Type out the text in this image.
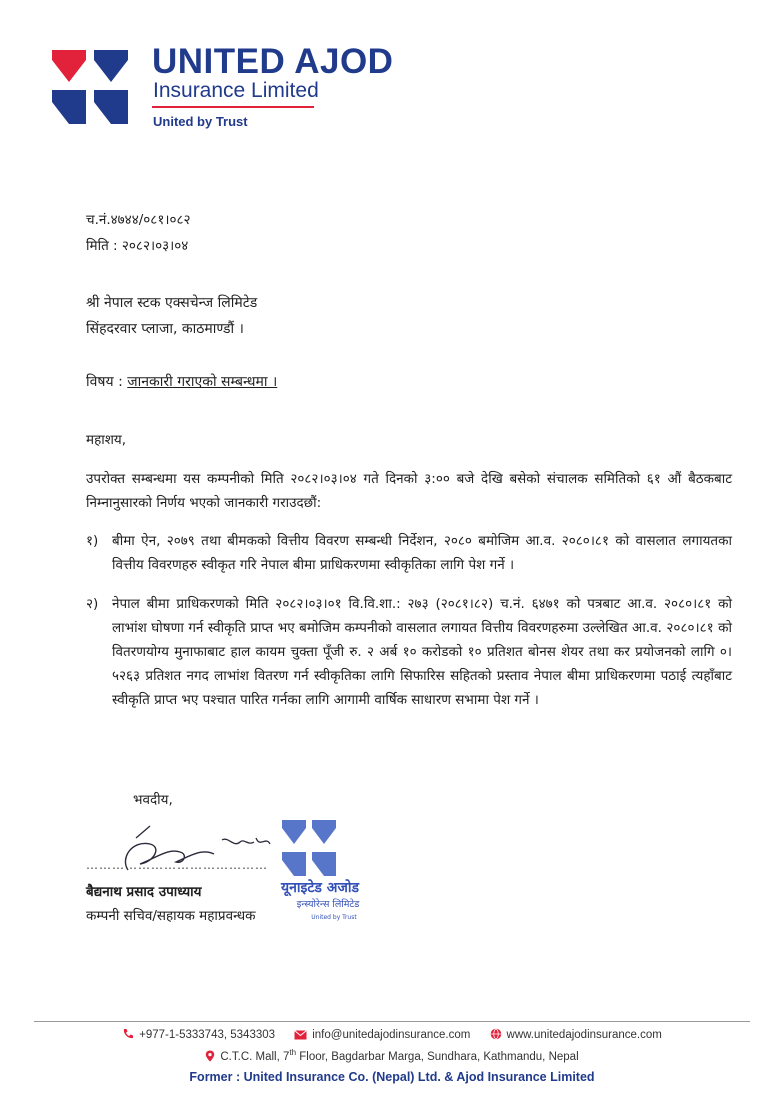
UNITED AJOD
Insurance Limited
United by Trust
च.नं.४७४४/०८१।०८२
मिति : २०८२।०३।०४
श्री नेपाल स्टक एक्सचेन्ज लिमिटेड
सिंहदरवार प्लाजा, काठमाण्डौं ।
विषय : जानकारी गराएको सम्बन्धमा ।
महाशय,
उपरोक्त सम्बन्धमा यस कम्पनीको मिति २०८२।०३।०४ गते दिनको ३:०० बजे देखि बसेको संचालक समितिको ६१ औं बैठकबाट निम्नानुसारको निर्णय भएको जानकारी गराउदछौं:
१)	बीमा ऐन, २०७९ तथा बीमकको वित्तीय विवरण सम्बन्धी निर्देशन, २०८० बमोजिम आ.व. २०८०।८१ को वासलात लगायतका वित्तीय विवरणहरु स्वीकृत गरि नेपाल बीमा प्राधिकरणमा स्वीकृतिका लागि पेश गर्ने ।
२)	नेपाल बीमा प्राधिकरणको मिति २०८२।०३।०१ वि.वि.शा.: २७३ (२०८१।८२) च.नं. ६४७१ को पत्रबाट आ.व. २०८०।८१ को लाभांश घोषणा गर्न स्वीकृति प्राप्त भए बमोजिम कम्पनीको वासलात लगायत वित्तीय विवरणहरुमा उल्लेखित आ.व. २०८०।८१ को वितरणयोग्य मुनाफाबाट हाल कायम चुक्ता पूँजी रु. २ अर्ब १० करोडको १० प्रतिशत बोनस शेयर तथा कर प्रयोजनको लागि ०।५२६३ प्रतिशत नगद लाभांश वितरण गर्न स्वीकृतिका लागि सिफारिस सहितको प्रस्ताव नेपाल बीमा प्राधिकरणमा पठाई त्यहाँबाट स्वीकृति प्राप्त भए पश्चात पारित गर्नका लागि आगामी वार्षिक साधारण सभामा पेश गर्ने ।
भवदीय,
……………………………………
यूनाइटेड अजोड
इन्स्योरेन्स लिमिटेड
United by Trust
बैद्यनाथ प्रसाद उपाध्याय
कम्पनी सचिव/सहायक महाप्रवन्धक
+977-1-5333743, 5343303	info@unitedajodinsurance.com	www.unitedajodinsurance.com
C.T.C. Mall, 7th Floor, Bagdarbar Marga, Sundhara, Kathmandu, Nepal
Former : United Insurance Co. (Nepal) Ltd. & Ajod Insurance Limited
